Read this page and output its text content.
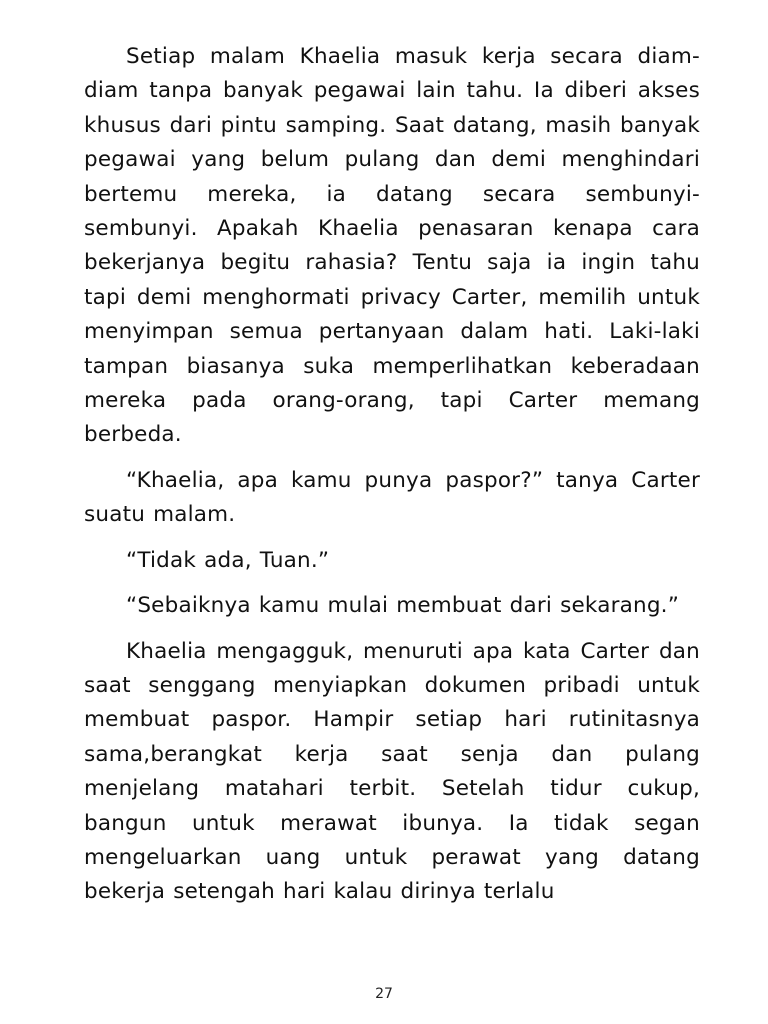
Setiap malam Khaelia masuk kerja secara diam-diam tanpa banyak pegawai lain tahu. Ia diberi akses khusus dari pintu samping. Saat datang, masih banyak pegawai yang belum pulang dan demi menghindari bertemu mereka, ia datang secara sembunyi-sembunyi. Apakah Khaelia penasaran kenapa cara bekerjanya begitu rahasia? Tentu saja ia ingin tahu tapi demi menghormati privacy Carter, memilih untuk menyimpan semua pertanyaan dalam hati. Laki-laki tampan biasanya suka memperlihatkan keberadaan mereka pada orang-orang, tapi Carter memang berbeda.

“Khaelia, apa kamu punya paspor?” tanya Carter suatu malam.

“Tidak ada, Tuan.”

“Sebaiknya kamu mulai membuat dari sekarang.”

Khaelia mengagguk, menuruti apa kata Carter dan saat senggang menyiapkan dokumen pribadi untuk membuat paspor. Hampir setiap hari rutinitasnya sama,berangkat kerja saat senja dan pulang menjelang matahari terbit. Setelah tidur cukup, bangun untuk merawat ibunya. Ia tidak segan mengeluarkan uang untuk perawat yang datang bekerja setengah hari kalau dirinya terlalu

27
